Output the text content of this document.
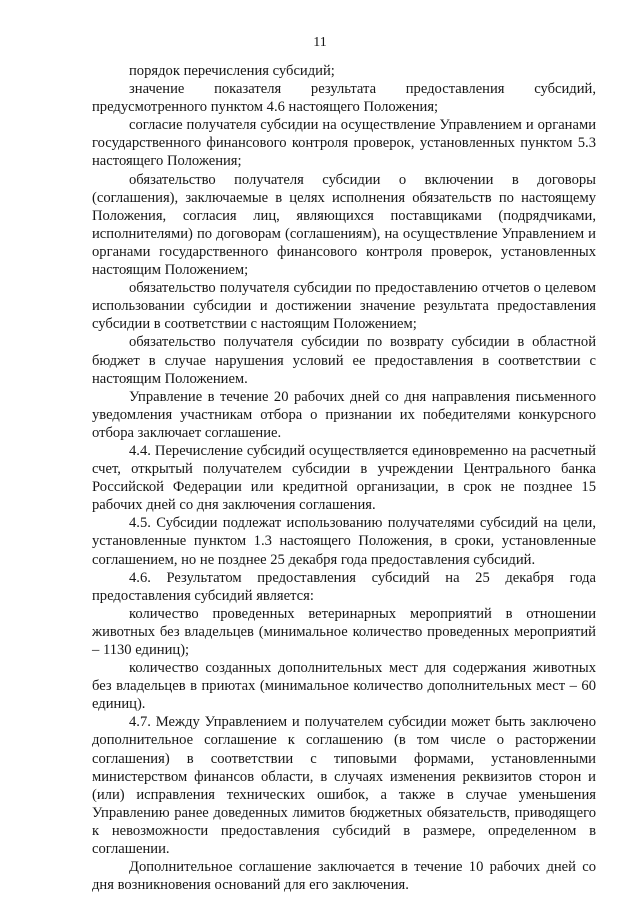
11

порядок перечисления субсидий;

значение показателя результата предоставления субсидий, предусмотренного пунктом 4.6 настоящего Положения;

согласие получателя субсидии на осуществление Управлением и органами государственного финансового контроля проверок, установленных пунктом 5.3 настоящего Положения;

обязательство получателя субсидии о включении в договоры (соглашения), заключаемые в целях исполнения обязательств по настоящему Положения, согласия лиц, являющихся поставщиками (подрядчиками, исполнителями) по договорам (соглашениям), на осуществление Управлением и органами государственного финансового контроля проверок, установленных настоящим Положением;

обязательство получателя субсидии по предоставлению отчетов о целевом использовании субсидии и достижении значение результата предоставления субсидии в соответствии с настоящим Положением;

обязательство получателя субсидии по возврату субсидии в областной бюджет в случае нарушения условий ее предоставления в соответствии с настоящим Положением.

Управление в течение 20 рабочих дней со дня направления письменного уведомления участникам отбора о признании их победителями конкурсного отбора заключает соглашение.

4.4. Перечисление субсидий осуществляется единовременно на расчетный счет, открытый получателем субсидии в учреждении Центрального банка Российской Федерации или кредитной организации, в срок не позднее 15 рабочих дней со дня заключения соглашения.

4.5. Субсидии подлежат использованию получателями субсидий на цели, установленные пунктом 1.3 настоящего Положения, в сроки, установленные соглашением, но не позднее 25 декабря года предоставления субсидий.

4.6. Результатом предоставления субсидий на 25 декабря года предоставления субсидий является:

количество проведенных ветеринарных мероприятий в отношении животных без владельцев (минимальное количество проведенных мероприятий – 1130 единиц);

количество созданных дополнительных мест для содержания животных без владельцев в приютах (минимальное количество дополнительных мест – 60 единиц).

4.7. Между Управлением и получателем субсидии может быть заключено дополнительное соглашение к соглашению (в том числе о расторжении соглашения) в соответствии с типовыми формами, установленными министерством финансов области, в случаях изменения реквизитов сторон и (или) исправления технических ошибок, а также в случае уменьшения Управлению ранее доведенных лимитов бюджетных обязательств, приводящего к невозможности предоставления субсидий в размере, определенном в соглашении.

Дополнительное соглашение заключается в течение 10 рабочих дней со дня возникновения оснований для его заключения.
